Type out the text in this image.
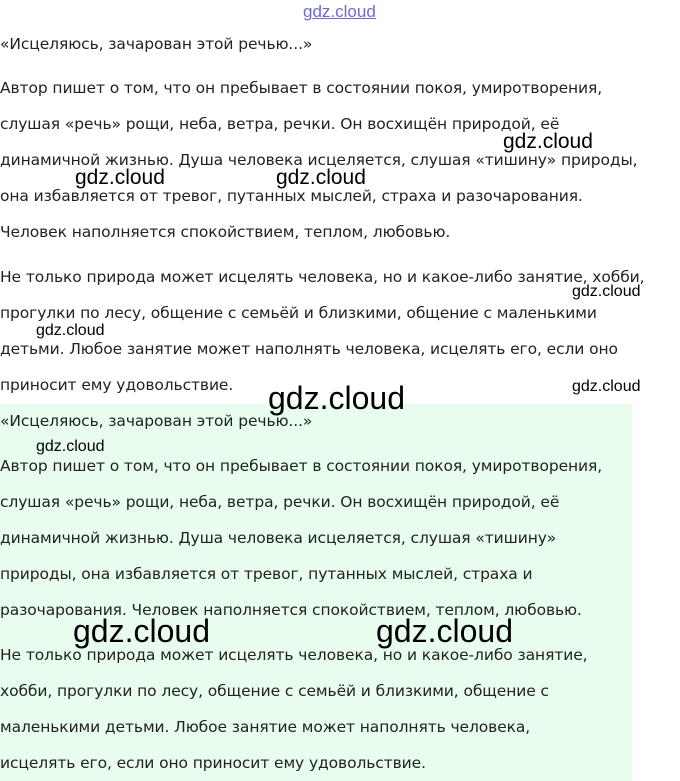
gdz.cloud
«Исцеляюсь, зачарован этой речью...»
Автор пишет о том, что он пребывает в состоянии покоя, умиротворения,
слушая «речь» рощи, неба, ветра, речки. Он восхищён природой, её
динамичной жизнью. Душа человека исцеляется, слушая «тишину» природы,
она избавляется от тревог, путанных мыслей, страха и разочарования.
Человек наполняется спокойствием, теплом, любовью.
Не только природа может исцелять человека, но и какое-либо занятие, хобби,
прогулки по лесу, общение с семьёй и близкими, общение с маленькими
детьми. Любое занятие может наполнять человека, исцелять его, если оно
приносит ему удовольствие.
«Исцеляюсь, зачарован этой речью...»
Автор пишет о том, что он пребывает в состоянии покоя, умиротворения,
слушая «речь» рощи, неба, ветра, речки. Он восхищён природой, её
динамичной жизнью. Душа человека исцеляется, слушая «тишину»
природы, она избавляется от тревог, путанных мыслей, страха и
разочарования. Человек наполняется спокойствием, теплом, любовью.
Не только природа может исцелять человека, но и какое-либо занятие,
хобби, прогулки по лесу, общение с семьёй и близкими, общение с
маленькими детьми. Любое занятие может наполнять человека,
исцелять его, если оно приносит ему удовольствие.
gdz.cloud
gdz.cloud	gdz.cloud
gdz.cloud
gdz.cloud
gdz.cloud	gdz.cloud
gdz.cloud
gdz.cloud	gdz.cloud
